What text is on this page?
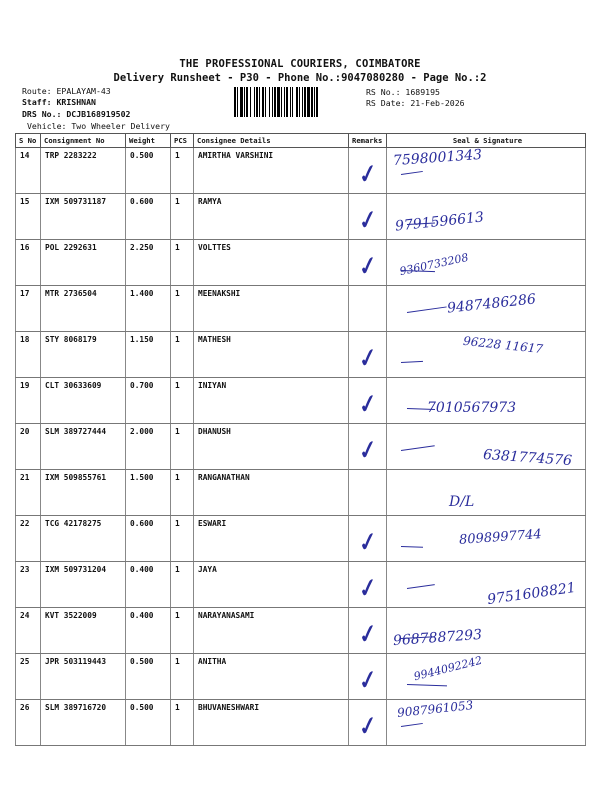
THE PROFESSIONAL COURIERS, COIMBATORE
Delivery Runsheet - P30 - Phone No.:9047080280 - Page No.:2
Route: EPALAYAM-43
Staff: KRISHNAN
DRS No.: DCJB168919502
Vehicle: Two Wheeler Delivery
RS No.: 1689195
RS Date: 21-Feb-2026
S No	Consignment No	Weight	PCS	Consignee Details	Remarks	Seal & Signature
14	TRP 2283222	0.500	1	AMIRTHA VARSHINI	✓	7598001343

15	IXM 509731187	0.600	1	RAMYA	✓	9791596613

16	POL 2292631	2.250	1	VOLTTES	✓	9360733208

17	MTR 2736504	1.400	1	MEENAKSHI		9487486286

18	STY 8068179	1.150	1	MATHESH	✓	96228 11617

19	CLT 30633609	0.700	1	INIYAN	✓	7010567973

20	SLM 389727444	2.000	1	DHANUSH	✓	6381774576

21	IXM 509855761	1.500	1	RANGANATHAN		D/L

22	TCG 42178275	0.600	1	ESWARI	✓	8098997744

23	IXM 509731204	0.400	1	JAYA	✓	9751608821

24	KVT 3522009	0.400	1	NARAYANASAMI	✓	9687887293

25	JPR 503119443	0.500	1	ANITHA	✓	9944092242

26	SLM 389716720	0.500	1	BHUVANESHWARI	✓	9087961053
